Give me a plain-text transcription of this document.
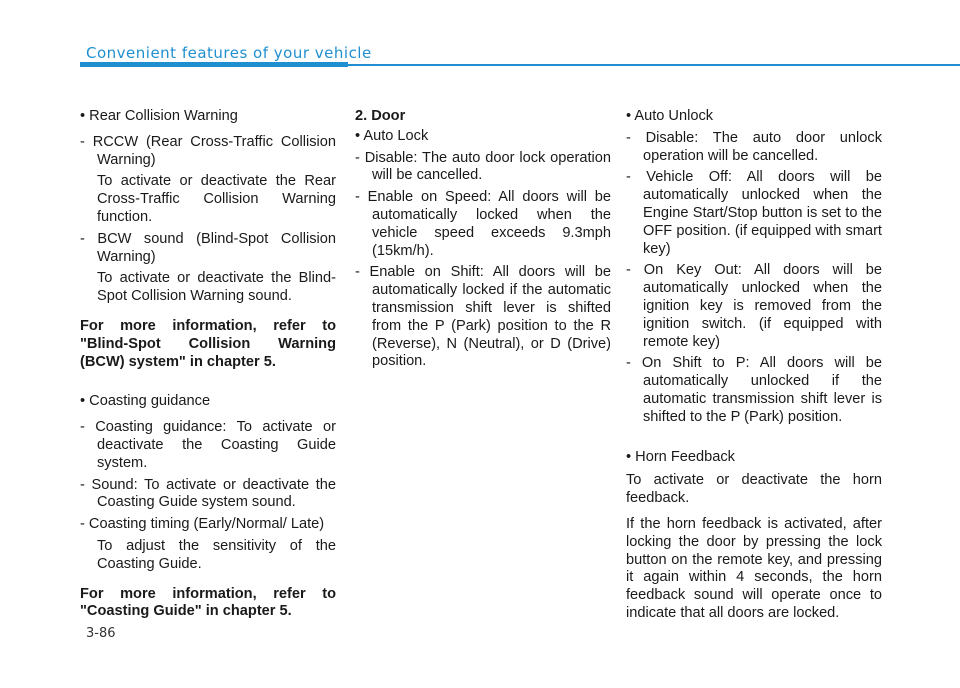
Convenient features of your vehicle

• Rear Collision Warning

- RCCW (Rear Cross-Traffic Collision Warning)

To activate or deactivate the Rear Cross-Traffic Collision Warning function.

- BCW sound (Blind-Spot Collision Warning)

To activate or deactivate the Blind-Spot Collision Warning sound.

For more information, refer to "Blind-Spot Collision Warning (BCW) system" in chapter 5.

• Coasting guidance

- Coasting guidance: To activate or deactivate the Coasting Guide system.

- Sound: To activate or deactivate the Coasting Guide system sound.

- Coasting timing (Early/Normal/ Late)

To adjust the sensitivity of the Coasting Guide.

For more information, refer to "Coasting Guide" in chapter 5.

2. Door

• Auto Lock

- Disable: The auto door lock operation will be cancelled.

- Enable on Speed: All doors will be automatically locked when the vehicle speed exceeds 9.3mph (15km/h).

- Enable on Shift: All doors will be automatically locked if the automatic transmission shift lever is shifted from the P (Park) position to the R (Reverse), N (Neutral), or D (Drive) position.

• Auto Unlock

- Disable: The auto door unlock operation will be cancelled.

- Vehicle Off: All doors will be automatically unlocked when the Engine Start/Stop button is set to the OFF position. (if equipped with smart key)

- On Key Out: All doors will be automatically unlocked when the ignition key is removed from the ignition switch. (if equipped with remote key)

- On Shift to P: All doors will be automatically unlocked if the automatic transmission shift lever is shifted to the P (Park) position.

• Horn Feedback

To activate or deactivate the horn feedback.

If the horn feedback is activated, after locking the door by pressing the lock button on the remote key, and pressing it again within 4 seconds, the horn feedback sound will operate once to indicate that all doors are locked.

3-86
